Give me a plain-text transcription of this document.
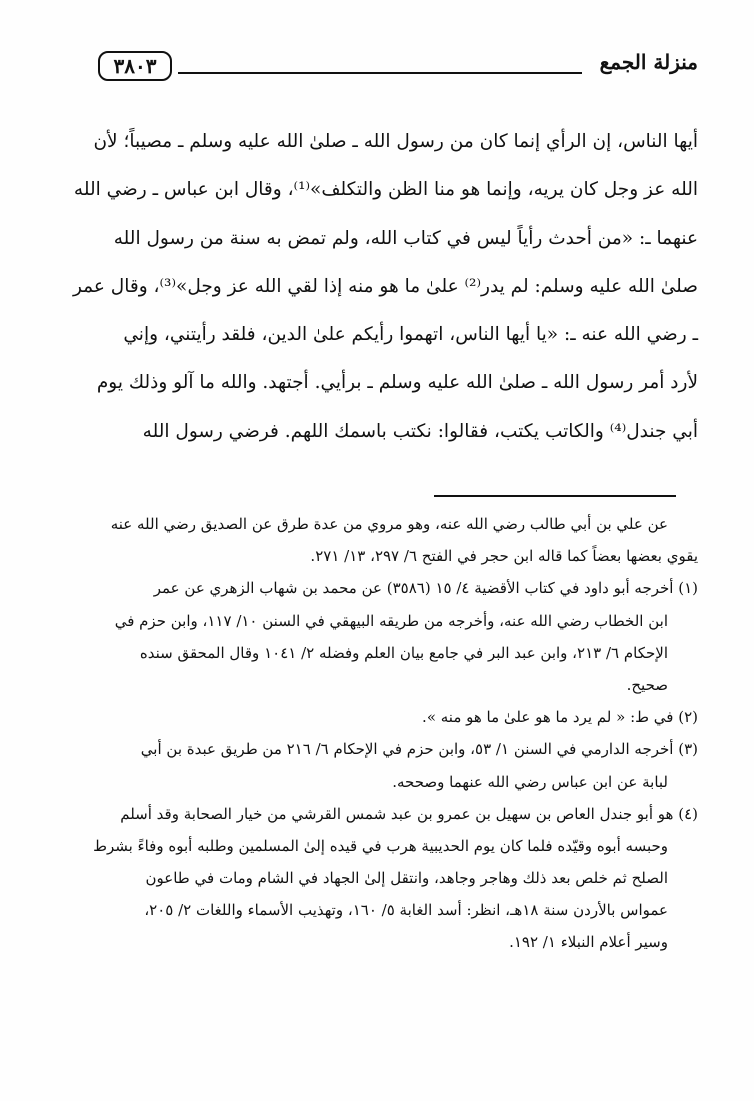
منزلة الجمع
٣٨٠٣
أيها الناس، إن الرأي إنما كان من رسول الله ـ صلىٰ الله عليه وسلم ـ مصيباً؛ لأن
الله عز وجل كان يريه، وإنما هو منا الظن والتكلف»⁽¹⁾، وقال ابن عباس ـ رضي الله
عنهما ـ: «من أحدث رأياً ليس في كتاب الله، ولم تمض به سنة من رسول الله
صلىٰ الله عليه وسلم: لم يدر⁽²⁾ علىٰ ما هو منه إذا لقي الله عز وجل»⁽³⁾، وقال عمر
ـ رضي الله عنه ـ: «يا أيها الناس، اتهموا رأيكم علىٰ الدين، فلقد رأيتني، وإني
لأرد أمر رسول الله ـ صلىٰ الله عليه وسلم ـ برأيي. أجتهد. والله ما آلو وذلك يوم
أبي جندل⁽⁴⁾ والكاتب يكتب، فقالوا: نكتب باسمك اللهم. فرضي رسول الله
عن علي بن أبي طالب رضي الله عنه، وهو مروي من عدة طرق عن الصديق رضي الله عنه
يقوي بعضها بعضاً كما قاله ابن حجر في الفتح ٦/ ٢٩٧، ١٣/ ٢٧١.
(١) أخرجه أبو داود في كتاب الأقضية ٤/ ١٥ (٣٥٨٦) عن محمد بن شهاب الزهري عن عمر
ابن الخطاب رضي الله عنه، وأخرجه من طريقه البيهقي في السنن ١٠/ ١١٧، وابن حزم في
الإحكام ٦/ ٢١٣، وابن عبد البر في جامع بيان العلم وفضله ٢/ ١٠٤١ وقال المحقق سنده
صحيح.
(٢) في ط: « لم يرد ما هو علىٰ ما هو منه ».
(٣) أخرجه الدارمي في السنن ١/ ٥٣، وابن حزم في الإحكام ٦/ ٢١٦ من طريق عبدة بن أبي
لبابة عن ابن عباس رضي الله عنهما وصححه.
(٤) هو أبو جندل العاص بن سهيل بن عمرو بن عبد شمس القرشي من خيار الصحابة وقد أسلم
وحبسه أبوه وقيّده فلما كان يوم الحديبية هرب في قيده إلىٰ المسلمين وطلبه أبوه وفاءً بشرط
الصلح ثم خلص بعد ذلك وهاجر وجاهد، وانتقل إلىٰ الجهاد في الشام ومات في طاعون
عمواس بالأردن سنة ١٨هـ، انظر: أسد الغابة ٥/ ١٦٠، وتهذيب الأسماء واللغات ٢/ ٢٠٥،
وسير أعلام النبلاء ١/ ١٩٢.
